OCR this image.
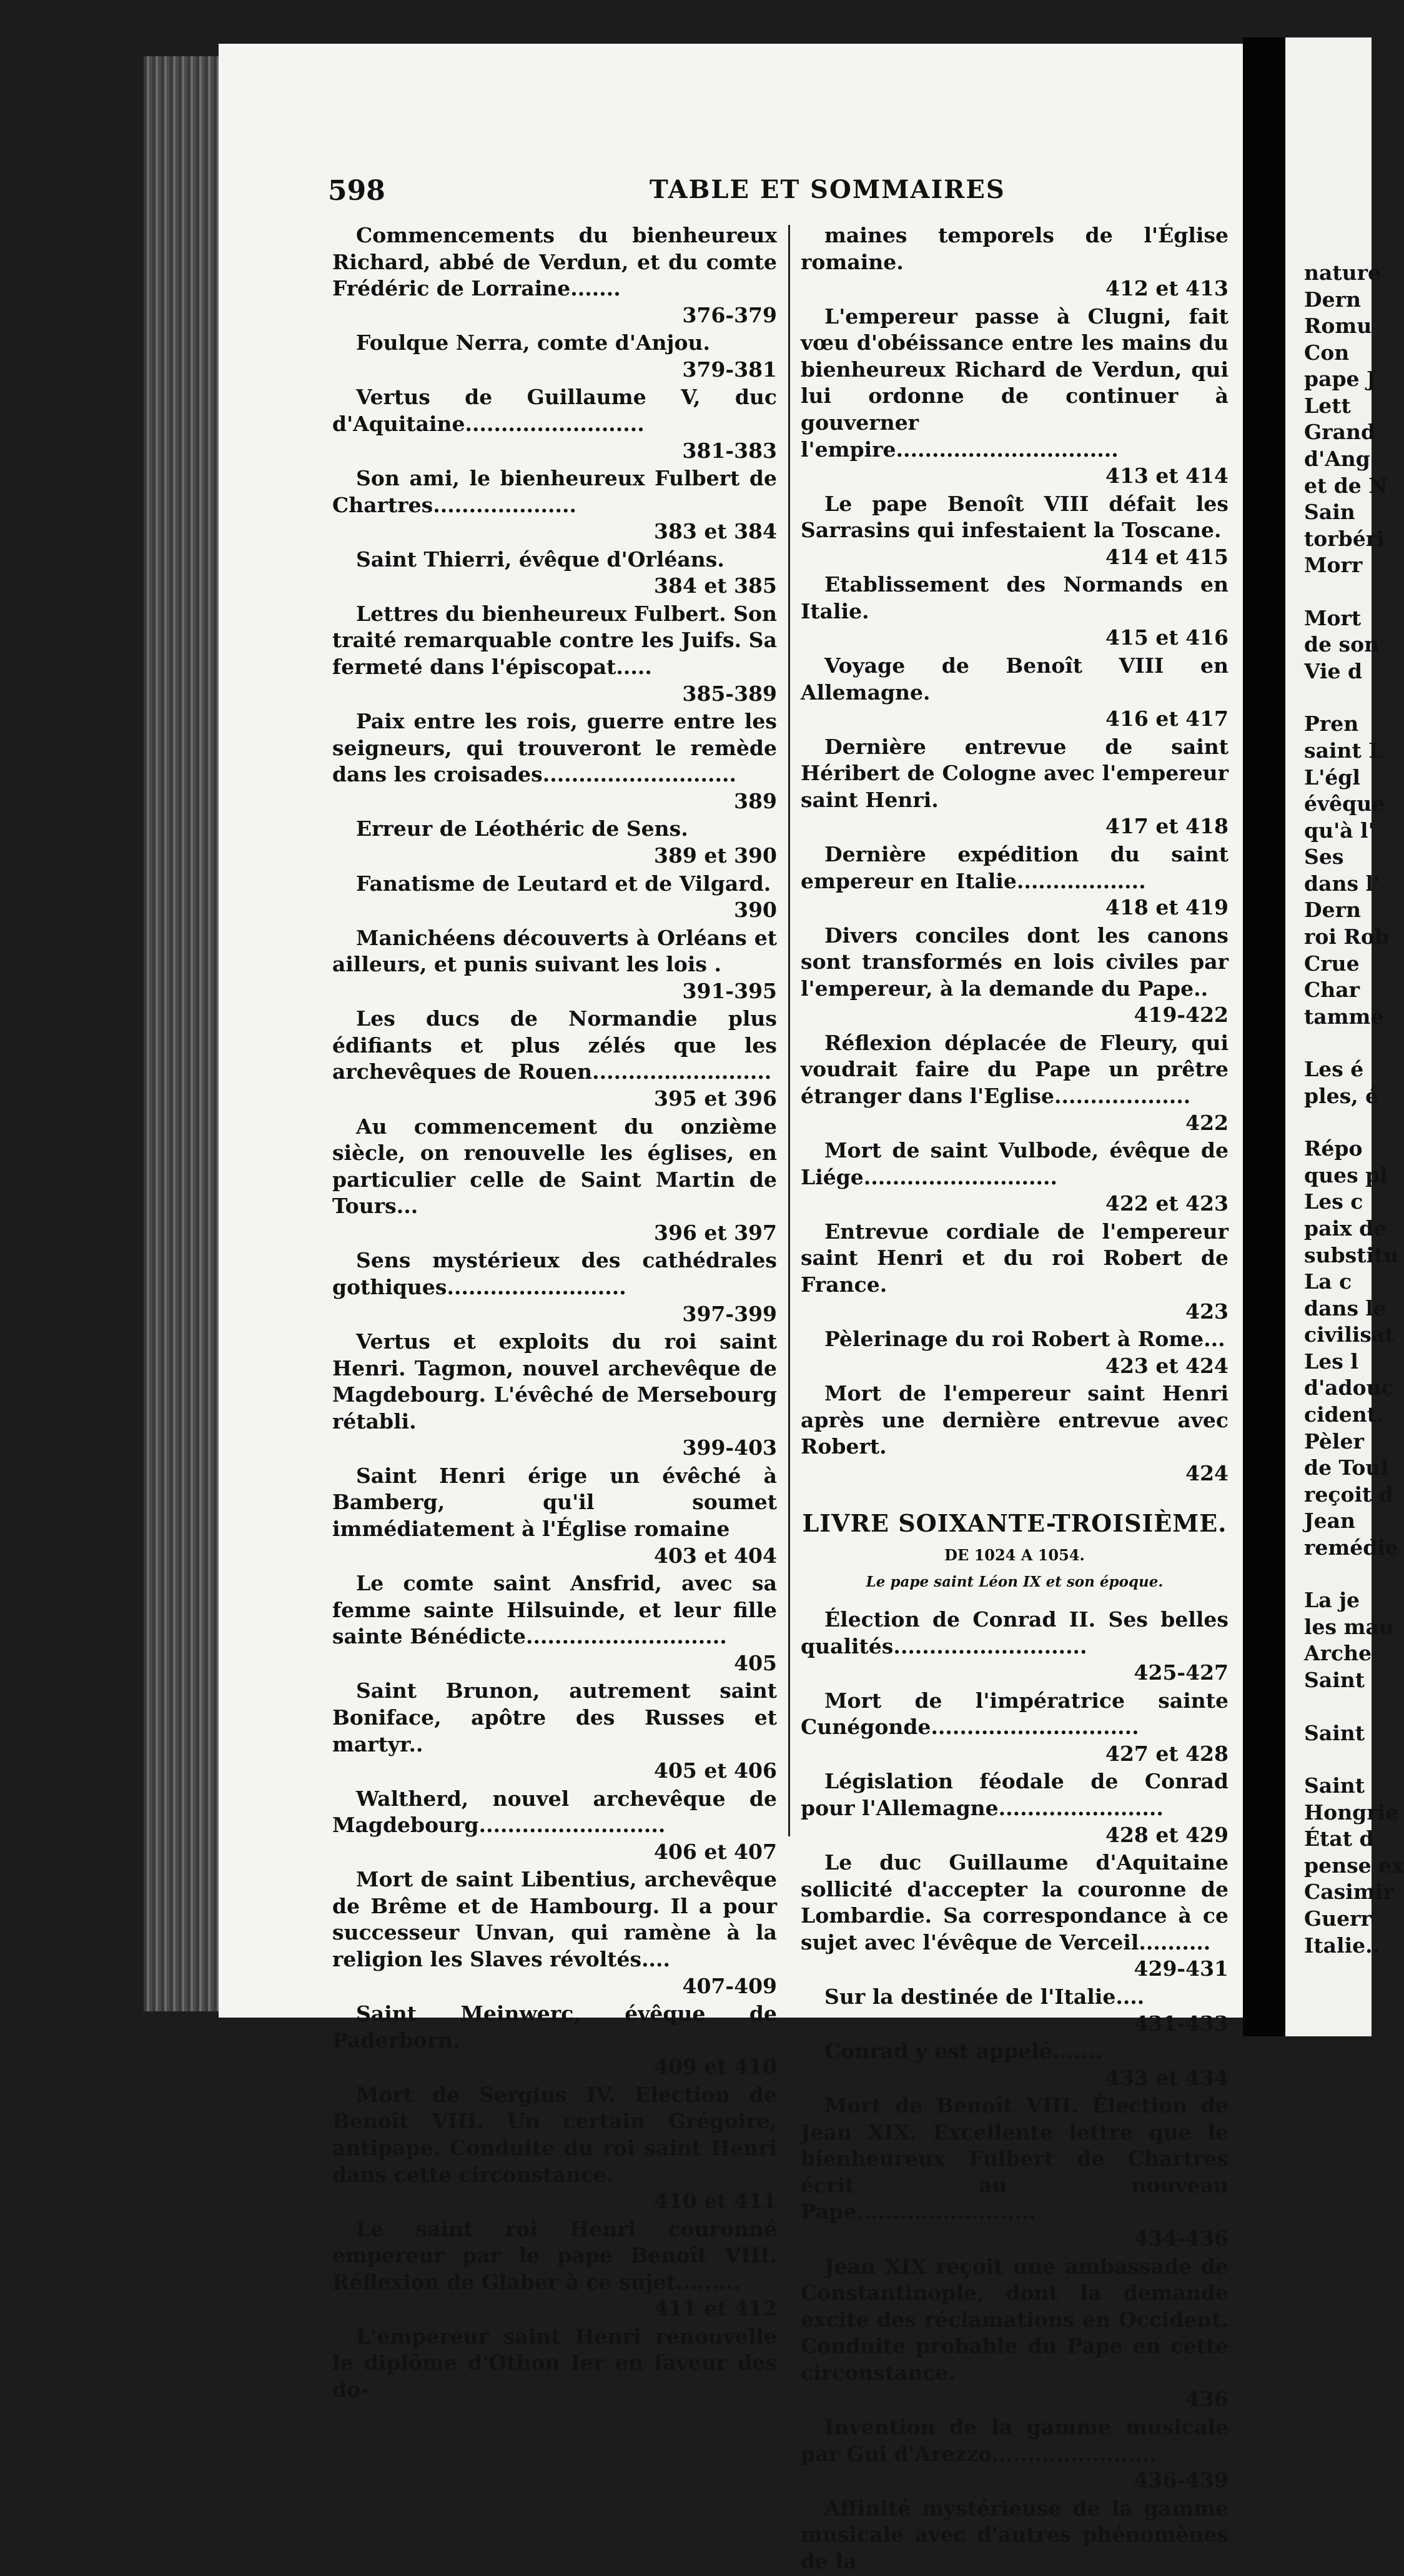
nature
Dern
Romu
Con
pape J
Lett
Grand
d'Ang
et de N
Sain
torbéri
Morr
Mort
de son
Vie d
Pren
saint L
L'égl
évêque
qu'à l'
Ses
dans l'
Dern
roi Rob
Crue
Char
tamme
Les é
ples, é
Répo
ques pl
Les c
paix de
substitu
La c
dans le
civilisat
Les l
d'adouc
cident.
Pèler
de Toul
reçoit d
Jean
remédie
La je
les mau
Arche
Saint
Saint
Saint
Hongrie
État d
pense ex
Casimir
Guerr
Italie..
598	TABLE ET SOMMAIRES
Commencements du bienheureux Richard, abbé de Verdun, et du comte Frédéric de Lorraine.......
376-379
Foulque Nerra, comte d'Anjou.
379-381
Vertus de Guillaume V, duc d'Aquitaine.........................
381-383
Son ami, le bienheureux Fulbert de Chartres....................
383 et 384
Saint Thierri, évêque d'Orléans.
384 et 385
Lettres du bienheureux Fulbert. Son traité remarquable contre les Juifs. Sa fermeté dans l'épiscopat.....
385-389
Paix entre les rois, guerre entre les seigneurs, qui trouveront le remède dans les croisades...........................
389
Erreur de Léothéric de Sens.
389 et 390
Fanatisme de Leutard et de Vilgard.
390
Manichéens découverts à Orléans et ailleurs, et punis suivant les lois .
391-395
Les ducs de Normandie plus édifiants et plus zélés que les archevêques de Rouen.........................
395 et 396
Au commencement du onzième siècle, on renouvelle les églises, en particulier celle de Saint Martin de Tours...
396 et 397
Sens mystérieux des cathédrales gothiques.........................
397-399
Vertus et exploits du roi saint Henri. Tagmon, nouvel archevêque de Magdebourg. L'évêché de Mersebourg rétabli.
399-403
Saint Henri érige un évêché à Bamberg, qu'il soumet immédiatement à l'Église romaine
403 et 404
Le comte saint Ansfrid, avec sa femme sainte Hilsuinde, et leur fille sainte Bénédicte............................
405
Saint Brunon, autrement saint Boniface, apôtre des Russes et martyr..
405 et 406
Waltherd, nouvel archevêque de Magdebourg..........................
406 et 407
Mort de saint Libentius, archevêque de Brême et de Hambourg. Il a pour successeur Unvan, qui ramène à la religion les Slaves révoltés....
407-409
Saint Meinwerc, évêque de Paderborn.
409 et 410
Mort de Sergius IV. Election de Benoît VIII. Un certain Grégoire, antipape. Conduite du roi saint Henri dans cette circonstance.
410 et 411
Le saint roi Henri couronné empereur par le pape Benoît VIII. Réflexion de Glaber à ce sujet.........
411 et 412
L'empereur saint Henri renouvelle le diplôme d'Othon Ier en faveur des do-
maines temporels de l'Église romaine.
412 et 413
L'empereur passe à Clugni, fait vœu d'obéissance entre les mains du bienheureux Richard de Verdun, qui lui ordonne de continuer à gouverner l'empire...............................
413 et 414
Le pape Benoît VIII défait les Sarrasins qui infestaient la Toscane.
414 et 415
Etablissement des Normands en Italie.
415 et 416
Voyage de Benoît VIII en Allemagne.
416 et 417
Dernière entrevue de saint Héribert de Cologne avec l'empereur saint Henri.
417 et 418
Dernière expédition du saint empereur en Italie..................
418 et 419
Divers conciles dont les canons sont transformés en lois civiles par l'empereur, à la demande du Pape..
419-422
Réflexion déplacée de Fleury, qui voudrait faire du Pape un prêtre étranger dans l'Eglise...................
422
Mort de saint Vulbode, évêque de Liége...........................
422 et 423
Entrevue cordiale de l'empereur saint Henri et du roi Robert de France.
423
Pèlerinage du roi Robert à Rome...
423 et 424
Mort de l'empereur saint Henri après une dernière entrevue avec Robert.
424
LIVRE SOIXANTE-TROISIÈME.
DE 1024 A 1054.
Le pape saint Léon IX et son époque.
Élection de Conrad II. Ses belles qualités...........................
425-427
Mort de l'impératrice sainte Cunégonde.............................
427 et 428
Législation féodale de Conrad pour l'Allemagne.......................
428 et 429
Le duc Guillaume d'Aquitaine sollicité d'accepter la couronne de Lombardie. Sa correspondance à ce sujet avec l'évêque de Verceil..........
429-431
Sur la destinée de l'Italie....
431-433
Conrad y est appelé.......
433 et 434
Mort de Benoît VIII. Élection de Jean XIX. Excellente lettre que le bienheureux Fulbert de Chartres écrit au nouveau Pape.........................
434-436
Jean XIX reçoit une ambassade de Constantinople, dont la demande excite des réclamations en Occident. Conduite probable du Pape en cette circonstance.
436
Invention de la gamme musicale par Gui d'Arezzo.......................
436-439
Affinité mystérieuse de la gamme musicale avec d'autres phénomènes de la
